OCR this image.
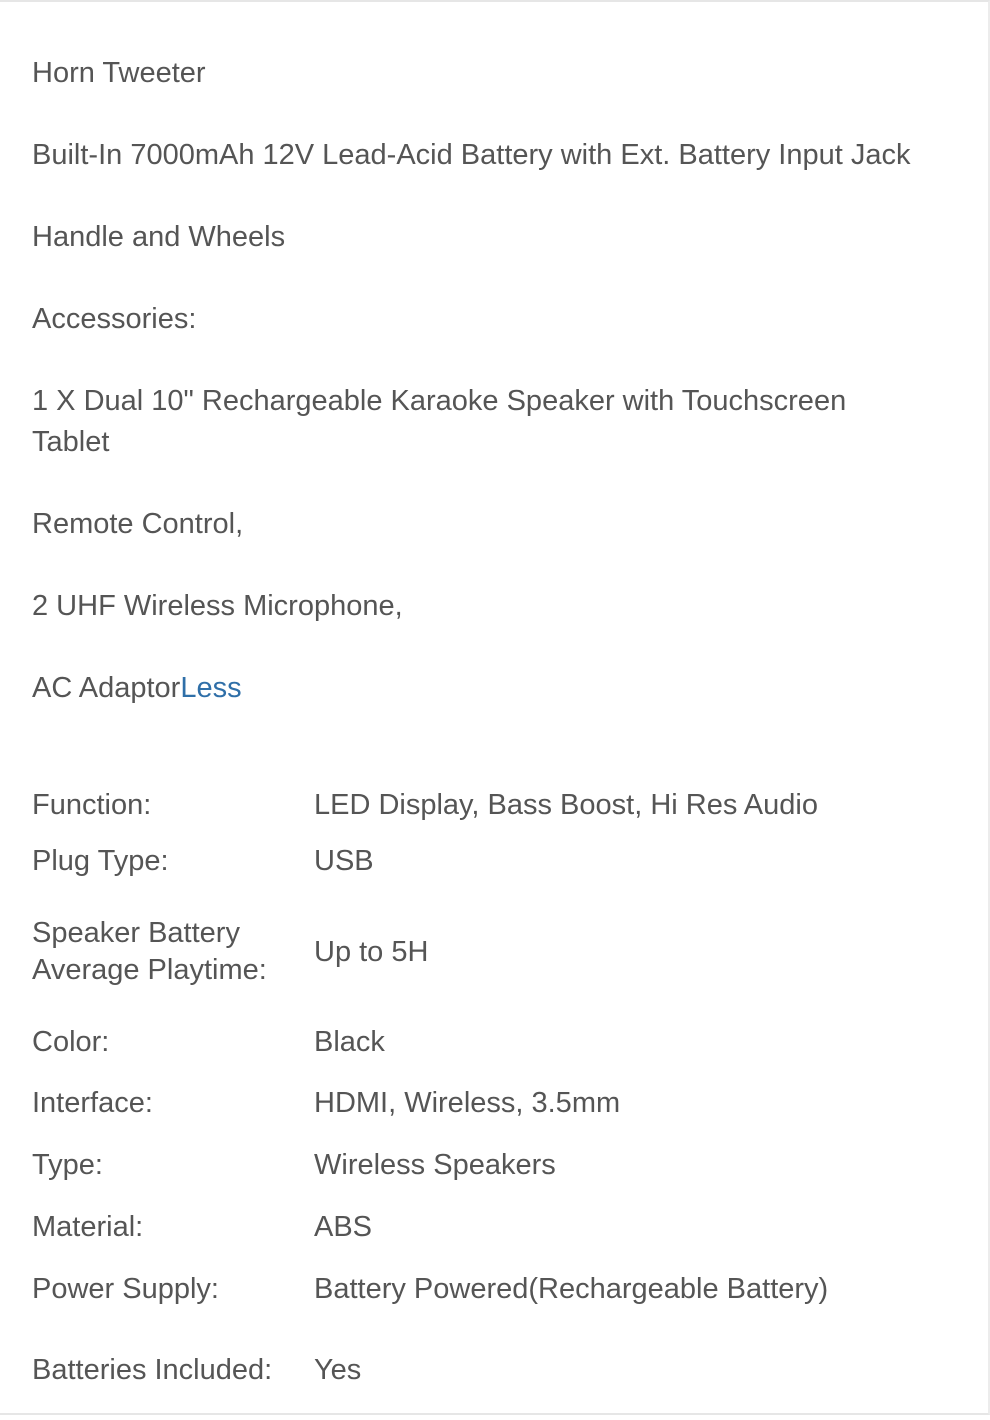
Horn Tweeter
Built-In 7000mAh 12V Lead-Acid Battery with Ext. Battery Input Jack
Handle and Wheels
Accessories:
1 X Dual 10" Rechargeable Karaoke Speaker with Touchscreen Tablet
Remote Control,
2 UHF Wireless Microphone,
AC AdaptorLess
Function:	LED Display, Bass Boost, Hi Res Audio
Plug Type:	USB
Speaker Battery Average Playtime:	Up to 5H
Color:	Black
Interface:	HDMI, Wireless, 3.5mm
Type:	Wireless Speakers
Material:	ABS
Power Supply:	Battery Powered(Rechargeable Battery)
Batteries Included:	Yes
